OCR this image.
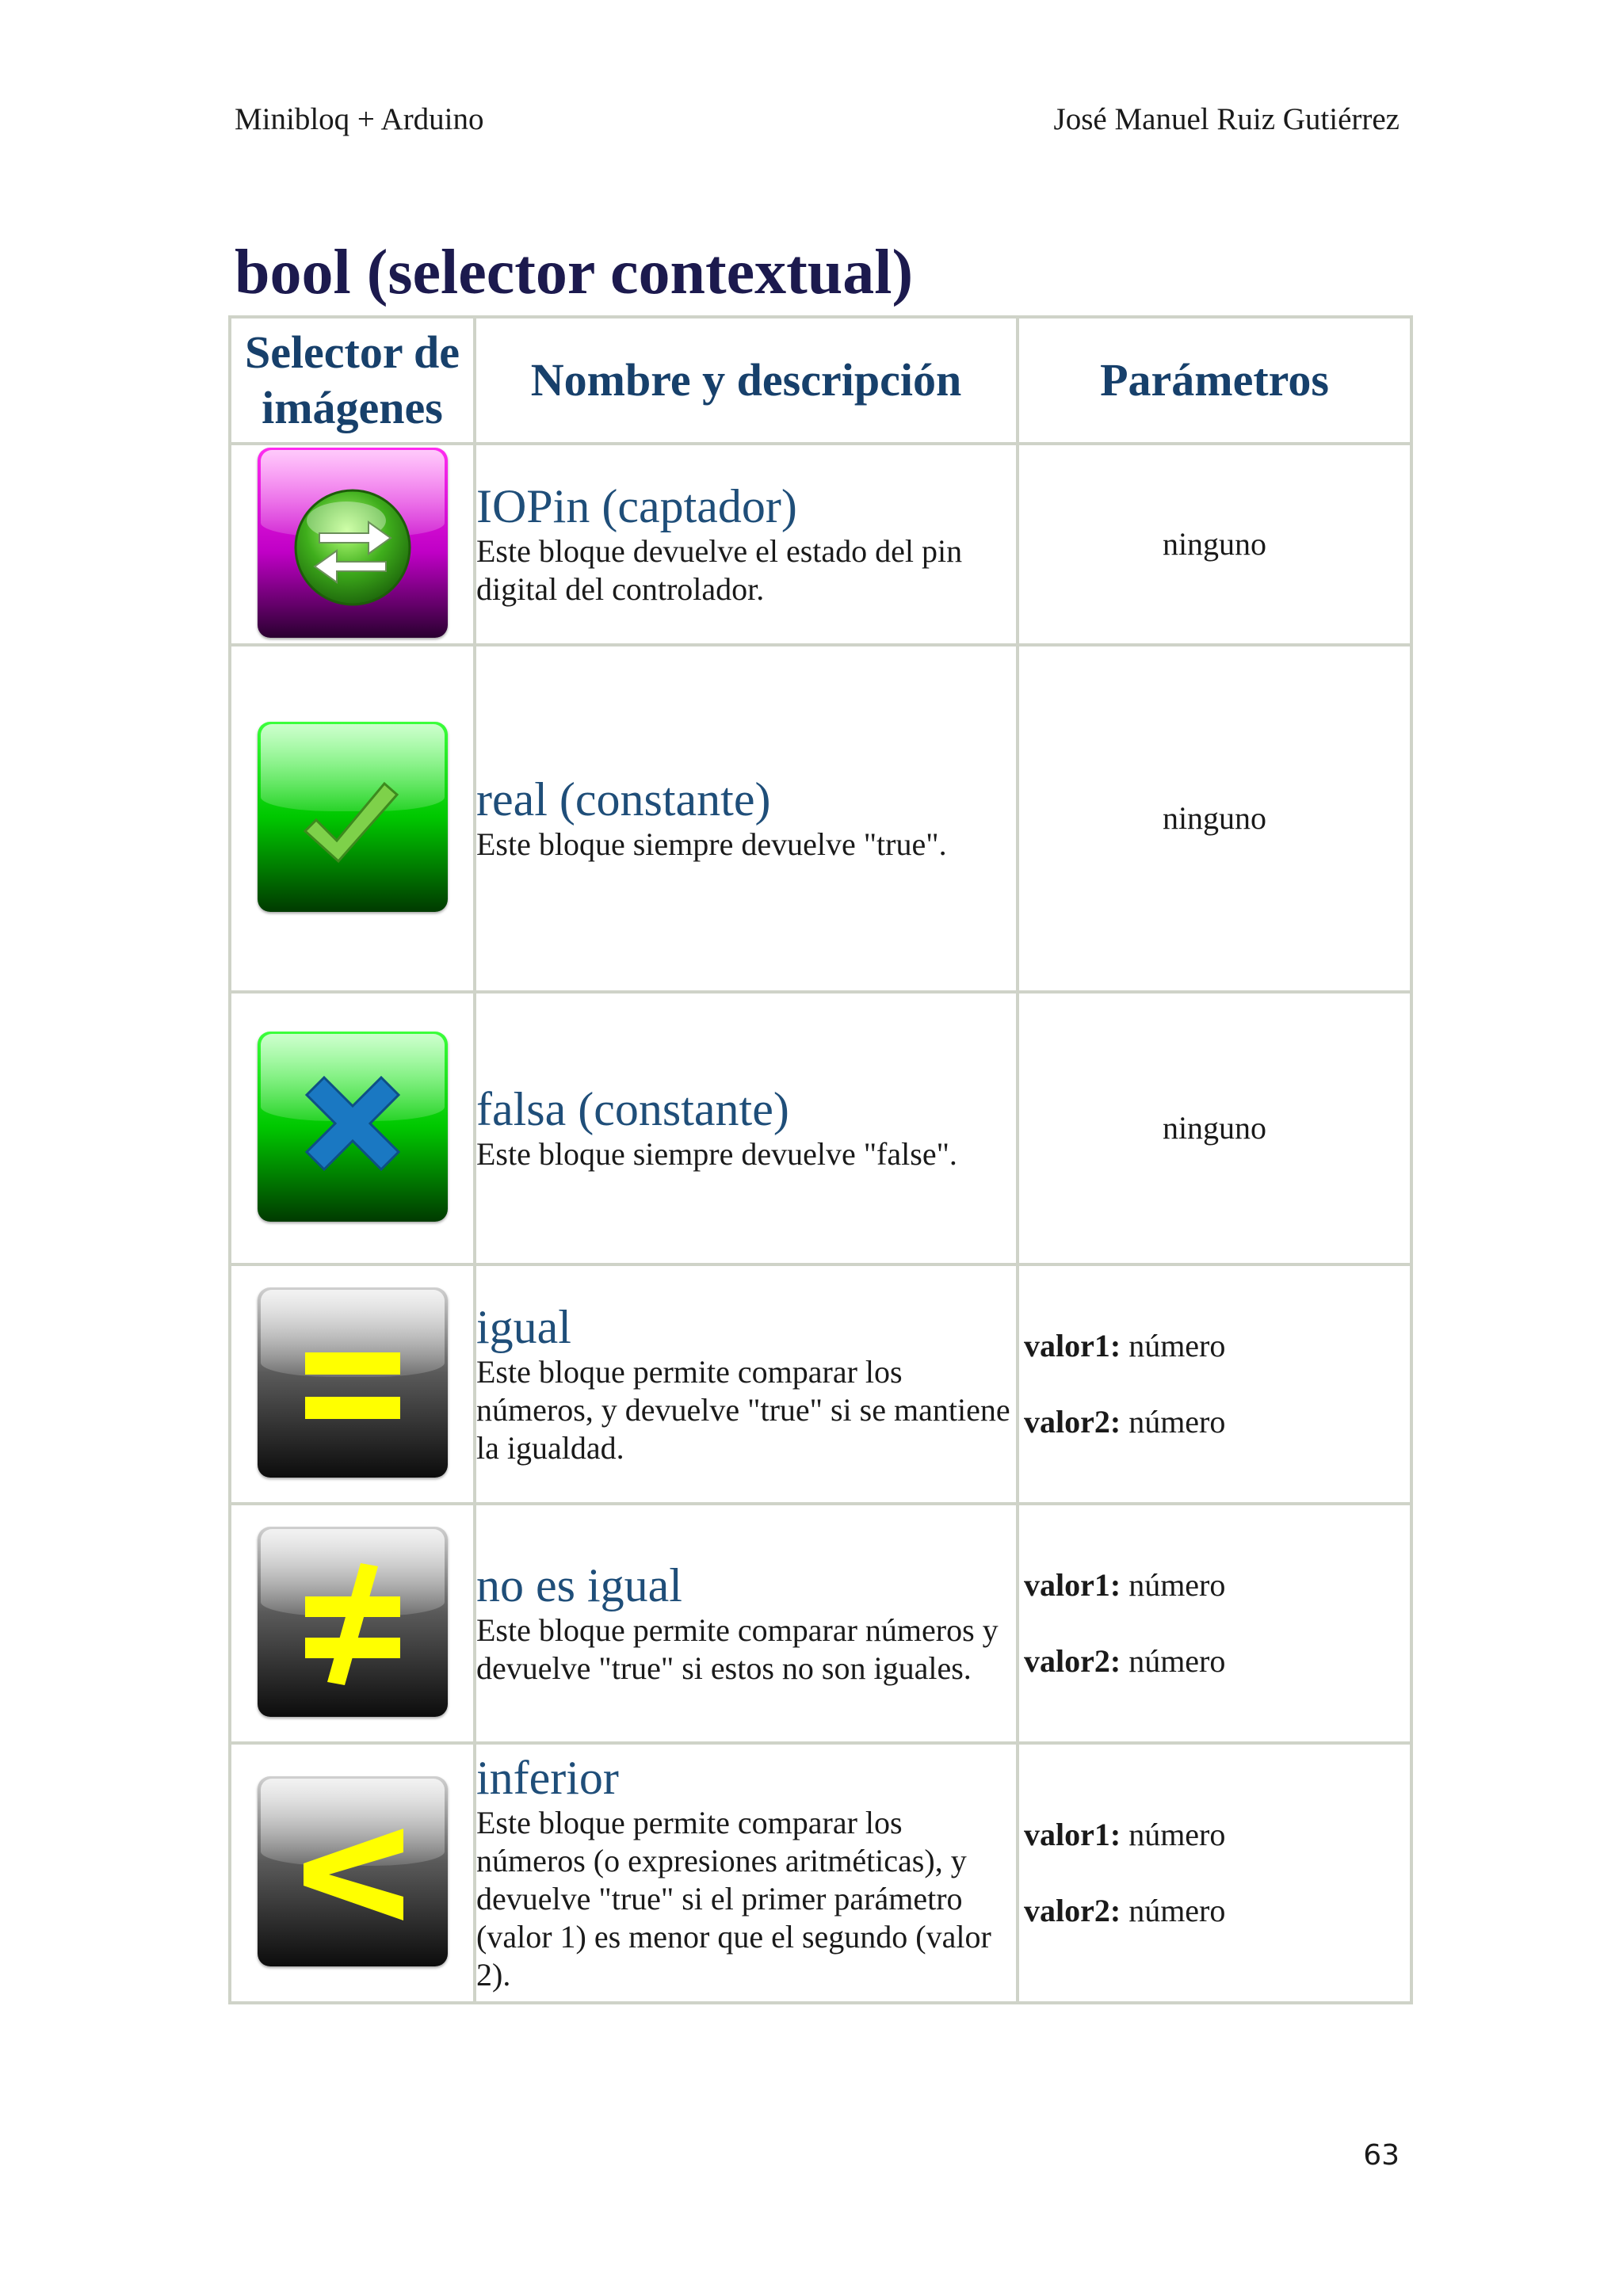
Minibloq + Arduino	José Manuel Ruiz Gutiérrez
bool (selector contextual)
Selector de imágenes	Nombre y descripción	Parámetros

IOPin (captador)
Este bloque devuelve el estado del pin digital del controlador.	ninguno

real (constante)
Este bloque siempre devuelve "true".	ninguno

falsa (constante)
Este bloque siempre devuelve "false".	ninguno

igual
Este bloque permite comparar los números, y devuelve "true" si se mantiene la igualdad.	valor1: número
valor2: número

no es igual
Este bloque permite comparar números y devuelve "true" si estos no son iguales.	valor1: número
valor2: número

inferior
Este bloque permite comparar los números (o expresiones aritméticas), y devuelve "true" si el primer parámetro (valor 1) es menor que el segundo (valor 2).	valor1: número
valor2: número
63
